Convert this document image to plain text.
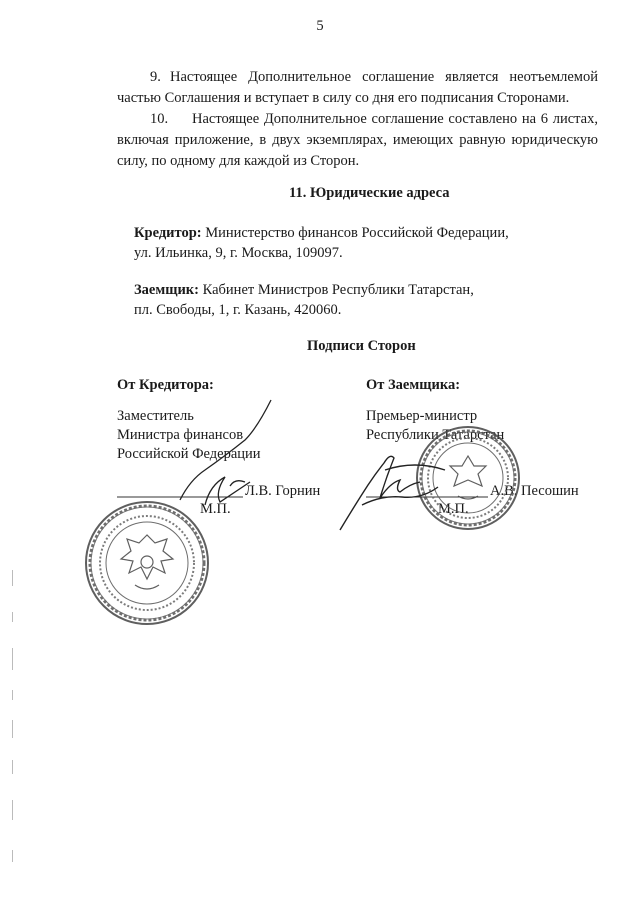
5
9. Настоящее Дополнительное соглашение является неотъемлемой
частью Соглашения и вступает в силу со дня его подписания Сторонами.
10. Настоящее Дополнительное соглашение составлено на 6 листах,
включая приложение, в двух экземплярах, имеющих равную юридическую
силу, по одному для каждой из Сторон.
11. Юридические адреса
Кредитор: Министерство финансов Российской Федерации,
ул. Ильинка, 9, г. Москва, 109097.
Заемщик: Кабинет Министров Республики Татарстан,
пл. Свободы, 1, г. Казань, 420060.
Подписи Сторон
От Кредитора:
Заместитель
Министра финансов
Российской Федерации
Л.В. Горнин
М.П.
От Заемщика:
Премьер-министр
Республики Татарстан
А.В. Песошин
М.П.
